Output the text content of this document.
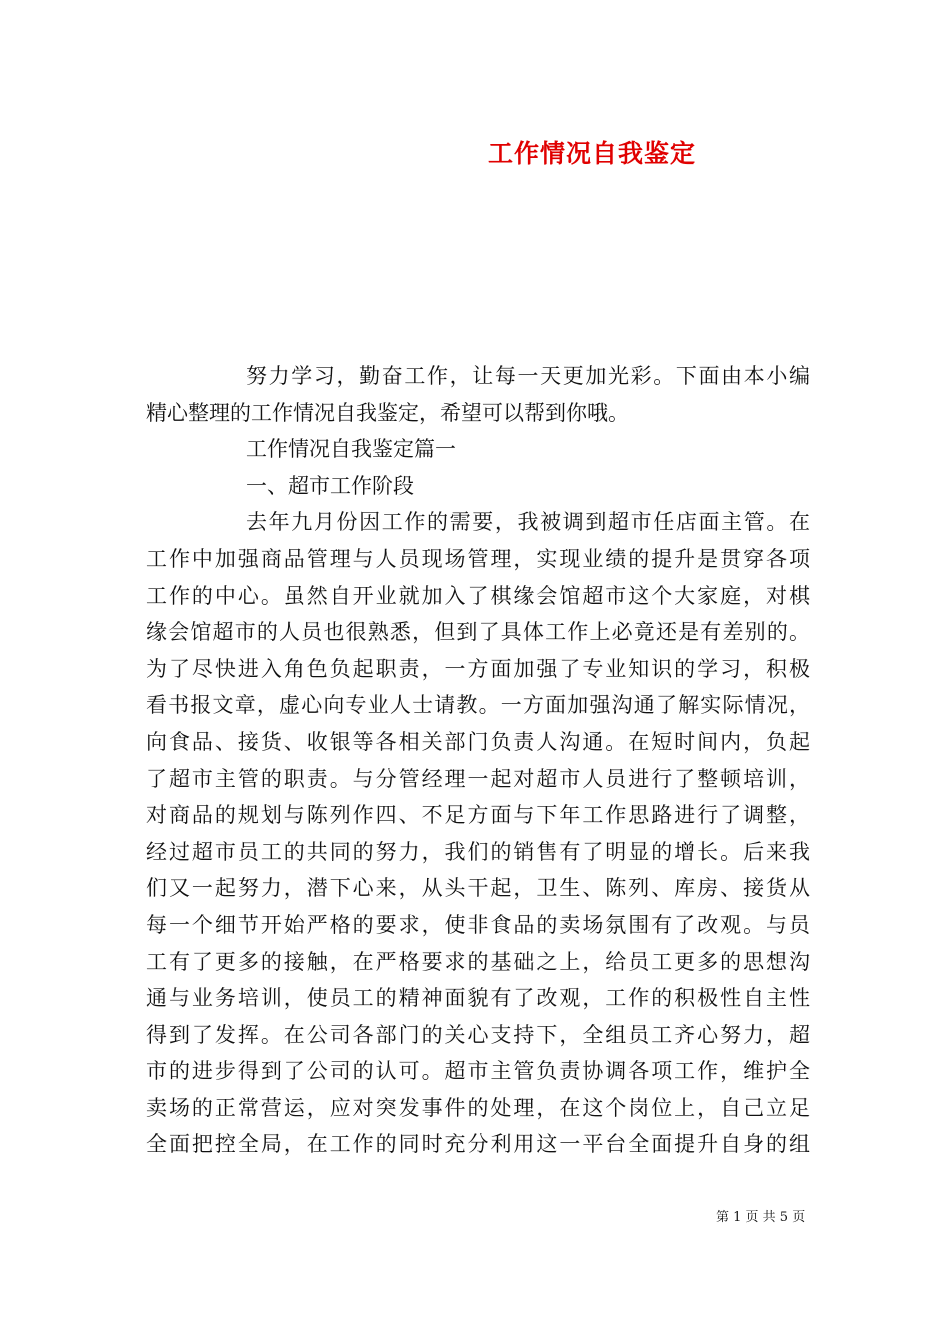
工作情况自我鉴定
努力学习，勤奋工作，让每一天更加光彩。下面由本小编
精心整理的工作情况自我鉴定，希望可以帮到你哦。
工作情况自我鉴定篇一
一、超市工作阶段
去年九月份因工作的需要，我被调到超市任店面主管。在
工作中加强商品管理与人员现场管理，实现业绩的提升是贯穿各项
工作的中心。虽然自开业就加入了棋缘会馆超市这个大家庭，对棋
缘会馆超市的人员也很熟悉，但到了具体工作上必竟还是有差别的。
为了尽快进入角色负起职责，一方面加强了专业知识的学习，积极
看书报文章，虚心向专业人士请教。一方面加强沟通了解实际情况，
向食品、接货、收银等各相关部门负责人沟通。在短时间内，负起
了超市主管的职责。与分管经理一起对超市人员进行了整顿培训，
对商品的规划与陈列作四、不足方面与下年工作思路进行了调整，
经过超市员工的共同的努力，我们的销售有了明显的增长。后来我
们又一起努力，潜下心来，从头干起，卫生、陈列、库房、接货从
每一个细节开始严格的要求，使非食品的卖场氛围有了改观。与员
工有了更多的接触，在严格要求的基础之上，给员工更多的思想沟
通与业务培训，使员工的精神面貌有了改观，工作的积极性自主性
得到了发挥。在公司各部门的关心支持下，全组员工齐心努力，超
市的进步得到了公司的认可。超市主管负责协调各项工作，维护全
卖场的正常营运，应对突发事件的处理，在这个岗位上，自己立足
全面把控全局，在工作的同时充分利用这一平台全面提升自身的组
第 1 页 共 5 页
